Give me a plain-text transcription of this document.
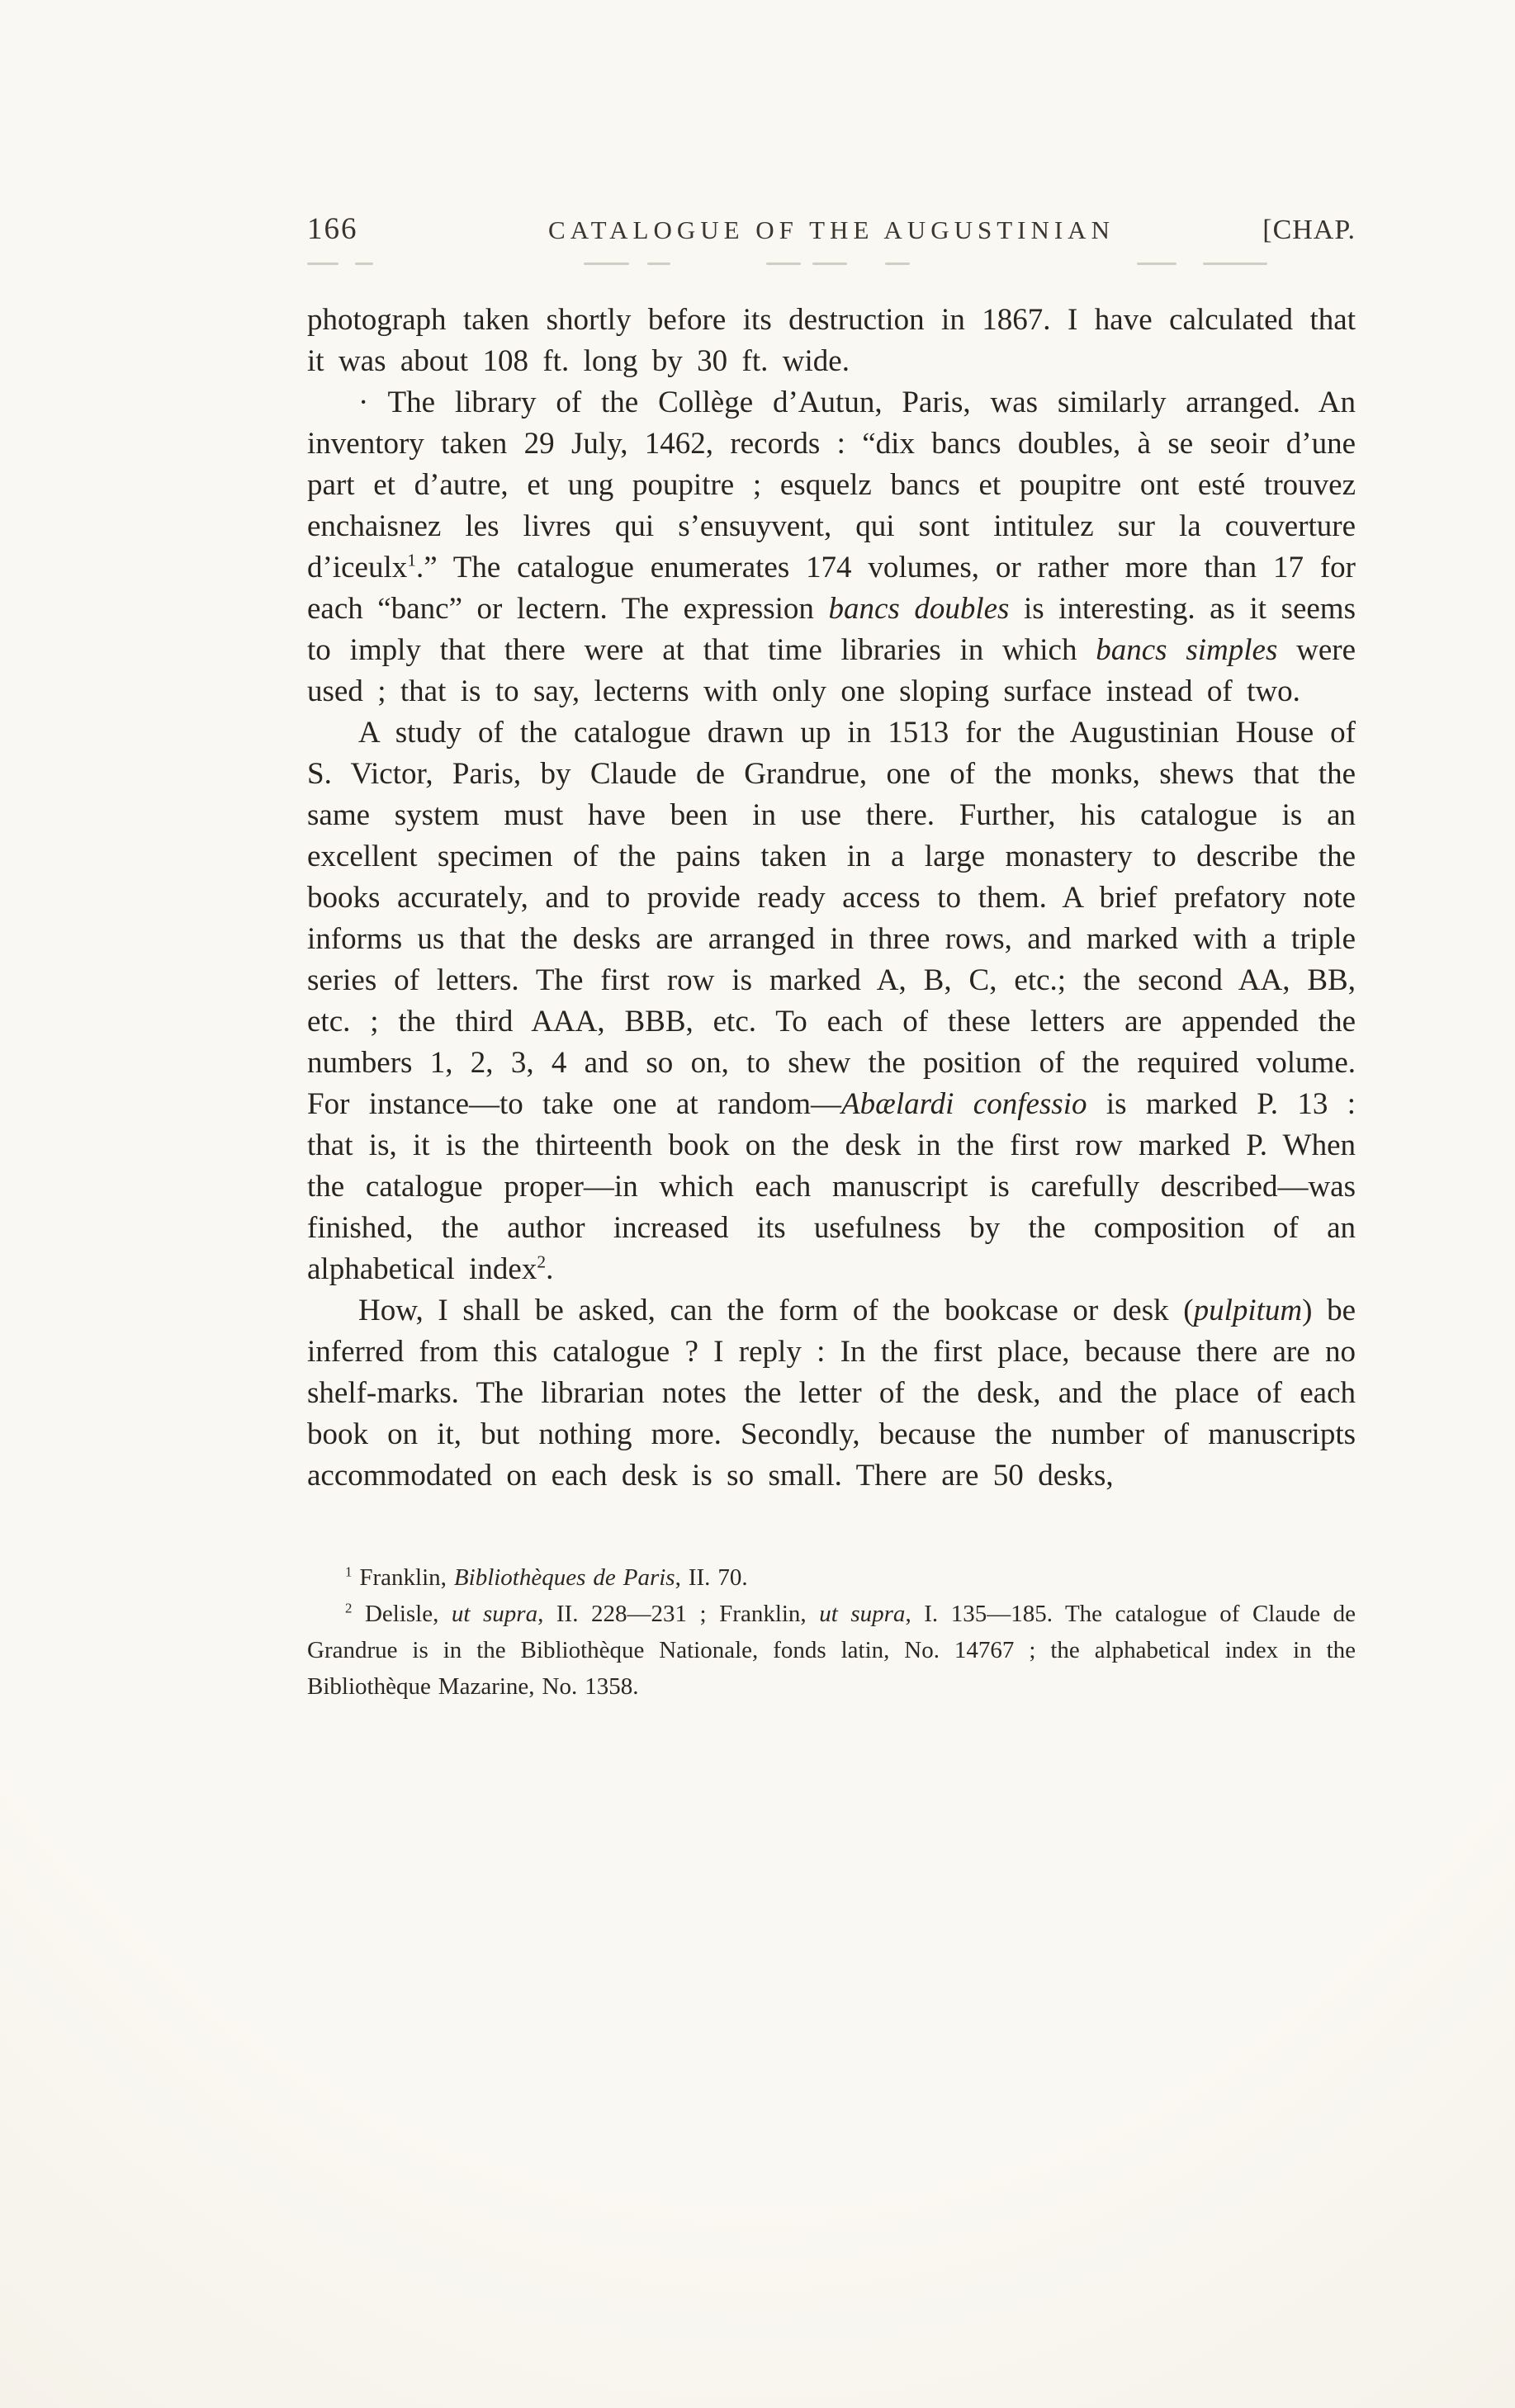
166	CATALOGUE OF THE AUGUSTINIAN	[CHAP.

photograph taken shortly before its destruction in 1867. I have calculated that it was about 108 ft. long by 30 ft. wide.

· The library of the Collège d’Autun, Paris, was similarly arranged. An inventory taken 29 July, 1462, records : “dix bancs doubles, à se seoir d’une part et d’autre, et ung poupitre ; esquelz bancs et poupitre ont esté trouvez enchaisnez les livres qui s’ensuyvent, qui sont intitulez sur la couverture d’iceulx$^1$.” The catalogue enumerates 174 volumes, or rather more than 17 for each “banc” or lectern. The expression bancs doubles is interesting. as it seems to imply that there were at that time libraries in which bancs simples were used ; that is to say, lecterns with only one sloping surface instead of two.

A study of the catalogue drawn up in 1513 for the Augustinian House of S. Victor, Paris, by Claude de Grandrue, one of the monks, shews that the same system must have been in use there. Further, his catalogue is an excellent specimen of the pains taken in a large monastery to describe the books accurately, and to provide ready access to them. A brief prefatory note informs us that the desks are arranged in three rows, and marked with a triple series of letters. The first row is marked A, B, C, etc.; the second AA, BB, etc. ; the third AAA, BBB, etc. To each of these letters are appended the numbers 1, 2, 3, 4 and so on, to shew the position of the required volume. For instance—to take one at random—Abælardi confessio is marked P. 13 : that is, it is the thirteenth book on the desk in the first row marked P. When the catalogue proper—in which each manuscript is carefully described—was finished, the author increased its usefulness by the composition of an alphabetical index$^2$.

How, I shall be asked, can the form of the bookcase or desk (pulpitum) be inferred from this catalogue ? I reply : In the first place, because there are no shelf-marks. The librarian notes the letter of the desk, and the place of each book on it, but nothing more. Secondly, because the number of manuscripts accommodated on each desk is so small. There are 50 desks,

$^1$ Franklin, Bibliothèques de Paris, II. 70.

$^2$ Delisle, ut supra, II. 228—231 ; Franklin, ut supra, I. 135—185. The catalogue of Claude de Grandrue is in the Bibliothèque Nationale, fonds latin, No. 14767 ; the alphabetical index in the Bibliothèque Mazarine, No. 1358.
